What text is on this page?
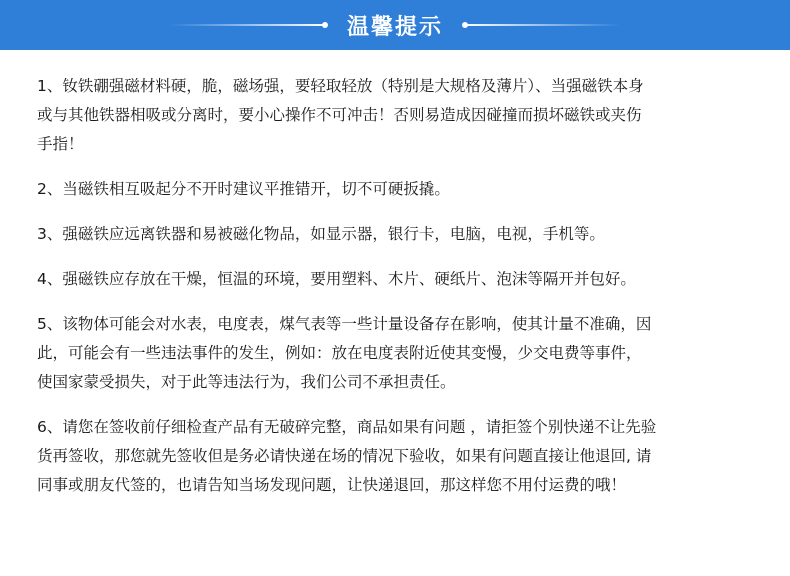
温馨提示

1、钕铁硼强磁材料硬，脆，磁场强，要轻取轻放（特别是大规格及薄片）、当强磁铁本身
或与其他铁器相吸或分离时，要小心操作不可冲击！否则易造成因碰撞而损坏磁铁或夹伤
手指！

2、当磁铁相互吸起分不开时建议平推错开，切不可硬扳撬。

3、强磁铁应远离铁器和易被磁化物品，如显示器，银行卡，电脑，电视，手机等。

4、强磁铁应存放在干燥，恒温的环境，要用塑料、木片、硬纸片、泡沫等隔开并包好。

5、该物体可能会对水表，电度表，煤气表等一些计量设备存在影响，使其计量不准确，因
此，可能会有一些违法事件的发生，例如：放在电度表附近使其变慢，少交电费等事件，
使国家蒙受损失，对于此等违法行为，我们公司不承担责任。

6、请您在签收前仔细检查产品有无破碎完整，商品如果有问题 ，请拒签个别快递不让先验
货再签收，那您就先签收但是务必请快递在场的情况下验收，如果有问题直接让他退回, 请
同事或朋友代签的，也请告知当场发现问题，让快递退回，那这样您不用付运费的哦！
